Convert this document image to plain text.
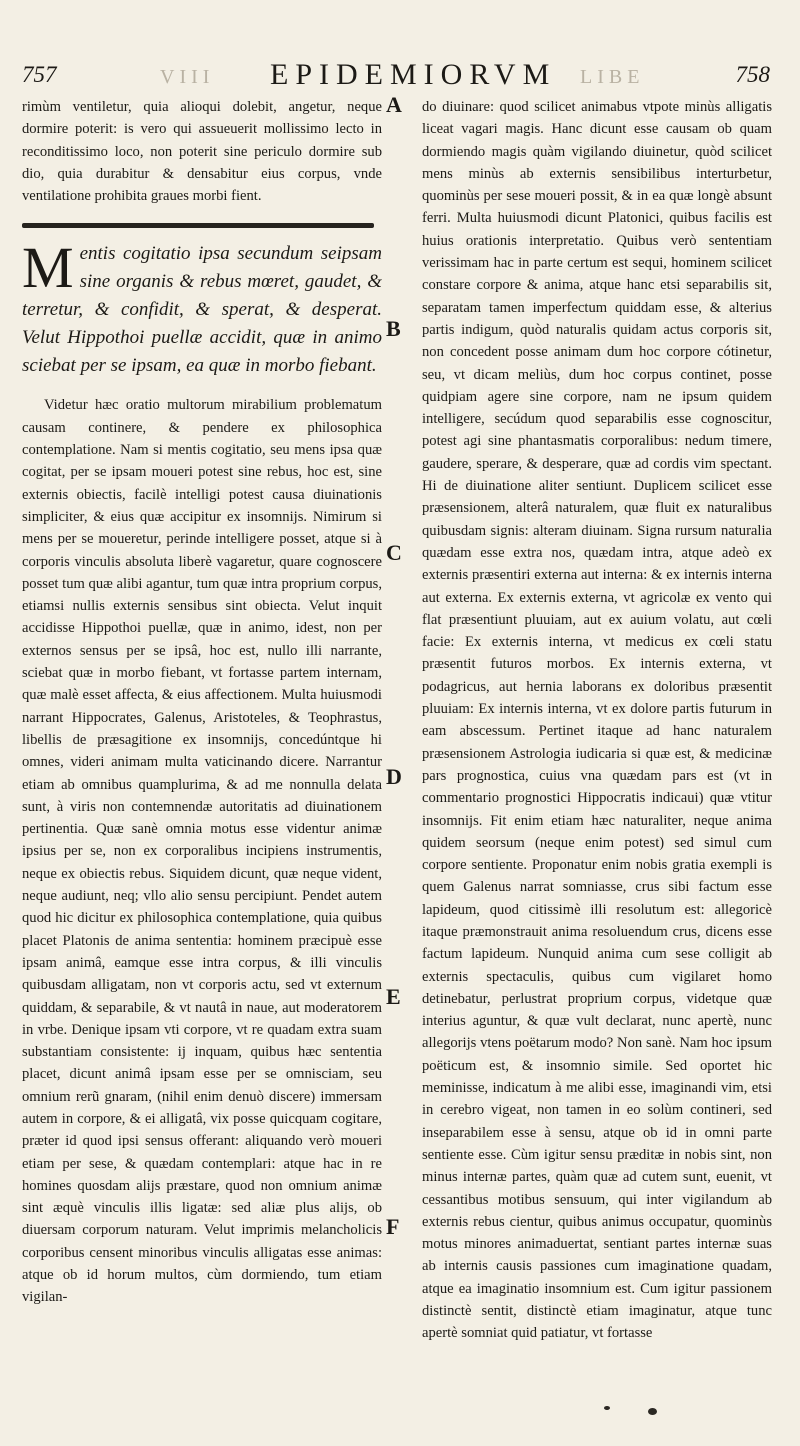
757	VIII EPIDEMIORVM LIBE	758

rimùm ventiletur, quia alioqui dolebit, angetur, neque dormire poterit: is vero qui assueuerit mollissimo lecto in reconditissimo loco, non poterit sine periculo dormire sub dio, quia durabitur & densabitur eius corpus, vnde ventilatione prohibita graues morbi fient.

Mentis cogitatio ipsa secundum seipsam sine organis & rebus mœret, gaudet, & terretur, & confidit, & sperat, & desperat. Velut Hippothoi puellæ accidit, quæ in animo sciebat per se ipsam, ea quæ in morbo fiebant.

Videtur hæc oratio multorum mirabilium problematum causam continere, & pendere ex philosophica contemplatione. Nam si mentis cogitatio, seu mens ipsa quæ cogitat, per se ipsam moueri potest sine rebus, hoc est, sine externis obiectis, facilè intelligi potest causa diuinationis simpliciter, & eius quæ accipitur ex insomnijs. Nimirum si mens per se moueretur, perinde intelligere posset, atque si à corporis vinculis absoluta liberè vagaretur, quare cognoscere posset tum quæ alibi agantur, tum quæ intra proprium corpus, etiamsi nullis externis sensibus sint obiecta. Velut inquit accidisse Hippothoi puellæ, quæ in animo, idest, non per externos sensus per se ipsâ, hoc est, nullo illi narrante, sciebat quæ in morbo fiebant, vt fortasse partem internam, quæ malè esset affecta, & eius affectionem. Multa huiusmodi narrant Hippocrates, Galenus, Aristoteles, & Teophrastus, libellis de præsagitione ex insomnijs, concedúntque hi omnes, videri animam multa vaticinando dicere. Narrantur etiam ab omnibus quamplurima, & ad me nonnulla delata sunt, à viris non contemnendæ autoritatis ad diuinationem pertinentia. Quæ sanè omnia motus esse videntur animæ ipsius per se, non ex corporalibus incipiens instrumentis, neque ex obiectis rebus. Siquidem dicunt, quæ neque vident, neque audiunt, neq; vllo alio sensu percipiunt. Pendet autem quod hic dicitur ex philosophica contemplatione, quia quibus placet Platonis de anima sententia: hominem præcipuè esse ipsam animâ, eamque esse intra corpus, & illi vinculis quibusdam alligatam, non vt corporis actu, sed vt externum quiddam, & separabile, & vt nautâ in naue, aut moderatorem in vrbe. Denique ipsam vti corpore, vt re quadam extra suam substantiam consistente: ij inquam, quibus hæc sententia placet, dicunt animâ ipsam esse per se omnisciam, seu omnium rerũ gnaram, (nihil enim denuò discere) immersam autem in corpore, & ei alligatâ, vix posse quicquam cogitare, præter id quod ipsi sensus offerant: aliquando verò moueri etiam per sese, & quædam contemplari: atque hac in re homines quosdam alijs præstare, quod non omnium animæ sint æquè vinculis illis ligatæ: sed aliæ plus alijs, ob diuersam corporum naturam. Velut imprimis melancholicis corporibus censent minoribus vinculis alligatas esse animas: atque ob id horum multos, cùm dormiendo, tum etiam vigilan-

A
B
C
D
E
F

do diuinare: quod scilicet animabus vtpote minùs alligatis liceat vagari magis. Hanc dicunt esse causam ob quam dormiendo magis quàm vigilando diuinetur, quòd scilicet mens minùs ab externis sensibilibus interturbetur, quominùs per sese moueri possit, & in ea quæ longè absunt ferri. Multa huiusmodi dicunt Platonici, quibus facilis est huius orationis interpretatio. Quibus verò sententiam verissimam hac in parte certum est sequi, hominem scilicet constare corpore & anima, atque hanc etsi separabilis sit, separatam tamen imperfectum quiddam esse, & alterius partis indigum, quòd naturalis quidam actus corporis sit, non concedent posse animam dum hoc corpore cótinetur, seu, vt dicam meliùs, dum hoc corpus continet, posse quidpiam agere sine corpore, nam ne ipsum quidem intelligere, secúdum quod separabilis esse cognoscitur, potest agi sine phantasmatis corporalibus: nedum timere, gaudere, sperare, & desperare, quæ ad cordis vim spectant. Hi de diuinatione aliter sentiunt. Duplicem scilicet esse præsensionem, alterâ naturalem, quæ fluit ex naturalibus quibusdam signis: alteram diuinam. Signa rursum naturalia quædam esse extra nos, quædam intra, atque adeò ex externis præsentiri externa aut interna: & ex internis interna aut externa. Ex externis externa, vt agricolæ ex vento qui flat præsentiunt pluuiam, aut ex auium volatu, aut cœli facie: Ex externis interna, vt medicus ex cœli statu præsentit futuros morbos. Ex internis externa, vt podagricus, aut hernia laborans ex doloribus præsentit pluuiam: Ex internis interna, vt ex dolore partis futurum in eam abscessum. Pertinet itaque ad hanc naturalem præsensionem Astrologia iudicaria si quæ est, & medicinæ pars prognostica, cuius vna quædam pars est (vt in commentario prognostici Hippocratis indicaui) quæ vtitur insomnijs. Fit enim etiam hæc naturaliter, neque anima quidem seorsum (neque enim potest) sed simul cum corpore sentiente. Proponatur enim nobis gratia exempli is quem Galenus narrat somniasse, crus sibi factum esse lapideum, quod citissimè illi resolutum est: allegoricè itaque præmonstrauit anima resoluendum crus, dicens esse factum lapideum. Nunquid anima cum sese colligit ab externis spectaculis, quibus cum vigilaret homo detinebatur, perlustrat proprium corpus, videtque quæ interius aguntur, & quæ vult declarat, nunc apertè, nunc allegorijs vtens poëtarum modo? Non sanè. Nam hoc ipsum poëticum est, & insomnio simile. Sed oportet hic meminisse, indicatum à me alibi esse, imaginandi vim, etsi in cerebro vigeat, non tamen in eo solùm contineri, sed inseparabilem esse à sensu, atque ob id in omni parte sentiente esse. Cùm igitur sensu præditæ in nobis sint, non minus internæ partes, quàm quæ ad cutem sunt, euenit, vt cessantibus motibus sensuum, qui inter vigilandum ab externis rebus cientur, quibus animus occupatur, quominùs motus minores animaduertat, sentiant partes internæ suas ab internis causis passiones cum imaginatione quadam, atque ea imaginatio insomnium est. Cum igitur passionem distinctè sentit, distinctè etiam imaginatur, atque tunc apertè somniat quid patiatur, vt fortasse
